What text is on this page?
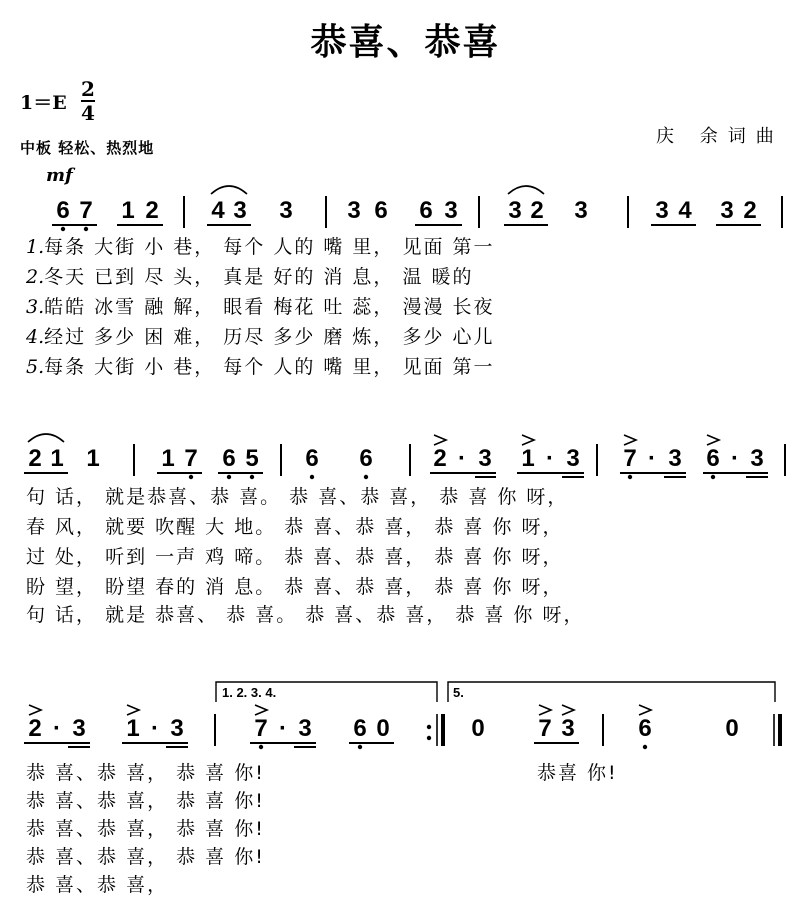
恭喜、恭喜
1＝E
2
4
中板 轻松、热烈地
庆 余词曲
mf
6 7 1 2 4 3 3 3 6 6 3 3 2 3	3 4 3 2
2 1 1	1 7 6 5 6 6	2 · 3 1 · 3 7 · 3 6 · 3
2 · 3 1 · 3	7 · 3 6 0	0 7 3	6	0
1. 2. 3. 4.	5.
1.每条 大街 小 巷， 每个 人的 嘴 里， 见面 第一
2.冬天 已到 尽 头， 真是 好的 消 息， 温 暖的
3.皓皓 冰雪 融 解， 眼看 梅花 吐 蕊， 漫漫 长夜
4.经过 多少 困 难， 历尽 多少 磨 炼， 多少 心儿
5.每条 大街 小 巷， 每个 人的 嘴 里， 见面 第一
句 话， 就是恭喜、恭 喜。 恭 喜、恭 喜， 恭 喜 你 呀，
春 风， 就要 吹醒 大 地。 恭 喜、恭 喜， 恭 喜 你 呀，
过 处， 听到 一声 鸡 啼。 恭 喜、恭 喜， 恭 喜 你 呀，
盼 望， 盼望 春的 消 息。 恭 喜、恭 喜， 恭 喜 你 呀，
句 话， 就是 恭喜、 恭 喜。 恭 喜、恭 喜， 恭 喜 你 呀，
恭 喜、恭 喜， 恭 喜 你!
恭 喜、恭 喜， 恭 喜 你!
恭 喜、恭 喜， 恭 喜 你!
恭 喜、恭 喜， 恭 喜 你!
恭 喜、恭 喜，
恭喜 你!
